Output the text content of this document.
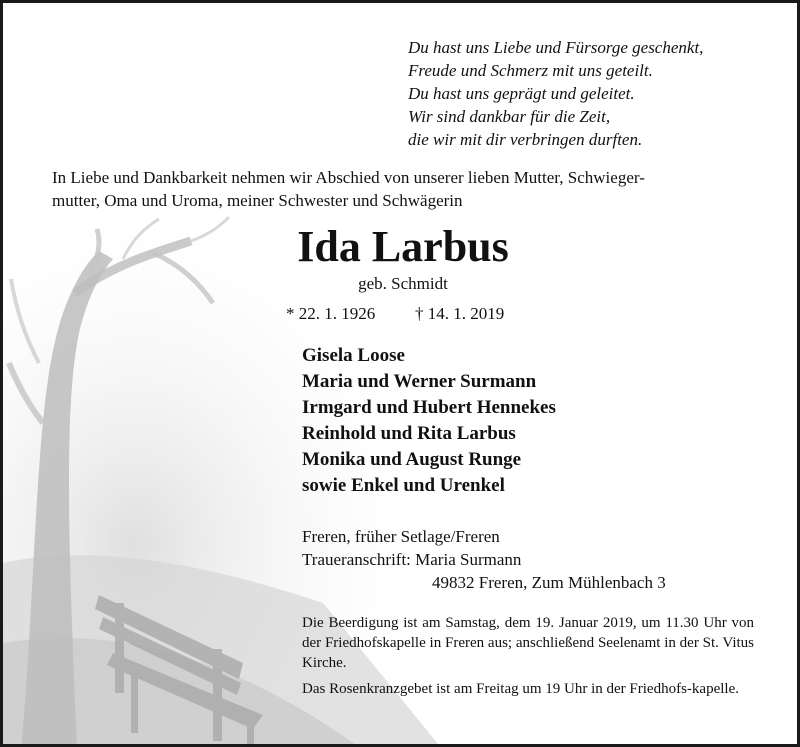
Du hast uns Liebe und Fürsorge geschenkt,
Freude und Schmerz mit uns geteilt.
Du hast uns geprägt und geleitet.
Wir sind dankbar für die Zeit,
die wir mit dir verbringen durften.
In Liebe und Dankbarkeit nehmen wir Abschied von unserer lieben Mutter, Schwieger-
mutter, Oma und Uroma, meiner Schwester und Schwägerin
Ida Larbus
geb. Schmidt
* 22. 1. 1926 † 14. 1. 2019
Gisela Loose
Maria und Werner Surmann
Irmgard und Hubert Hennekes
Reinhold und Rita Larbus
Monika und August Runge
sowie Enkel und Urenkel
Freren, früher Setlage/Freren
Traueranschrift: Maria Surmann
49832 Freren, Zum Mühlenbach 3
Die Beerdigung ist am Samstag, dem 19. Januar 2019, um 11.30 Uhr von der Friedhofskapelle in Freren aus; anschließend Seelenamt in der St. Vitus Kirche.
Das Rosenkranzgebet ist am Freitag um 19 Uhr in der Friedhofs-kapelle.
